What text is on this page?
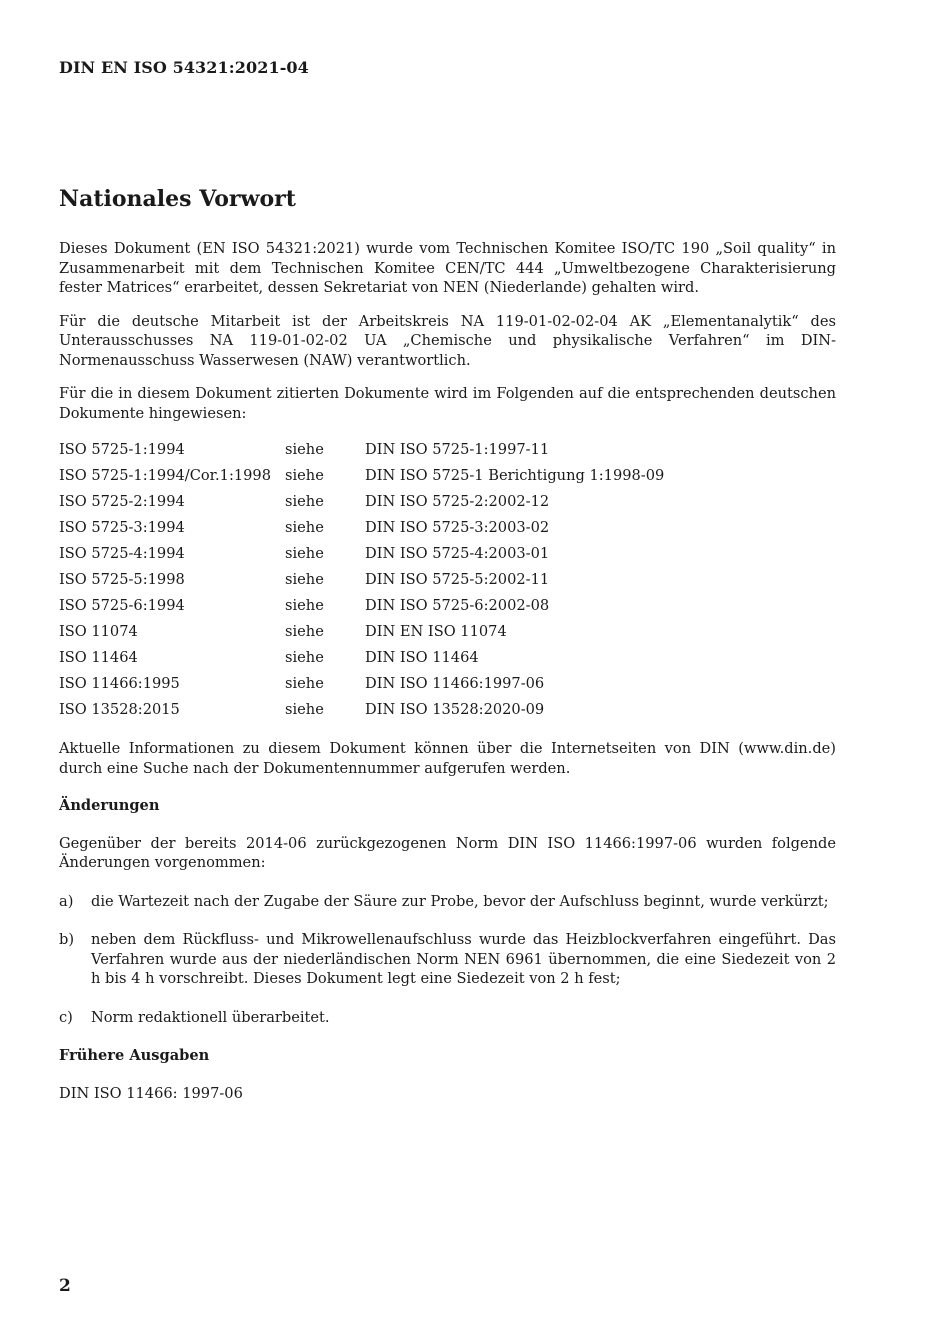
DIN EN ISO 54321:2021-04
Nationales Vorwort

Dieses Dokument (EN ISO 54321:2021) wurde vom Technischen Komitee ISO/TC 190 „Soil quality“ in Zusammenarbeit mit dem Technischen Komitee CEN/TC 444 „Umweltbezogene Charakterisierung fester Matrices“ erarbeitet, dessen Sekretariat von NEN (Niederlande) gehalten wird.

Für die deutsche Mitarbeit ist der Arbeitskreis NA 119-01-02-02-04 AK „Elementanalytik“ des Unterausschusses NA 119-01-02-02 UA „Chemische und physikalische Verfahren“ im DIN-Normenausschuss Wasserwesen (NAW) verantwortlich.

Für die in diesem Dokument zitierten Dokumente wird im Folgenden auf die entsprechenden deutschen Dokumente hingewiesen:

ISO 5725-1:1994	siehe	DIN ISO 5725-1:1997-11
ISO 5725-1:1994/Cor.1:1998	siehe	DIN ISO 5725-1 Berichtigung 1:1998-09
ISO 5725-2:1994	siehe	DIN ISO 5725-2:2002-12
ISO 5725-3:1994	siehe	DIN ISO 5725-3:2003-02
ISO 5725-4:1994	siehe	DIN ISO 5725-4:2003-01
ISO 5725-5:1998	siehe	DIN ISO 5725-5:2002-11
ISO 5725-6:1994	siehe	DIN ISO 5725-6:2002-08
ISO 11074	siehe	DIN EN ISO 11074
ISO 11464	siehe	DIN ISO 11464
ISO 11466:1995	siehe	DIN ISO 11466:1997-06
ISO 13528:2015	siehe	DIN ISO 13528:2020-09

Aktuelle Informationen zu diesem Dokument können über die Internetseiten von DIN (www.din.de) durch eine Suche nach der Dokumentennummer aufgerufen werden.

Änderungen

Gegenüber der bereits 2014-06 zurückgezogenen Norm DIN ISO 11466:1997-06 wurden folgende Änderungen vorgenommen:

a)	die Wartezeit nach der Zugabe der Säure zur Probe, bevor der Aufschluss beginnt, wurde verkürzt;
b)	neben dem Rückfluss- und Mikrowellenaufschluss wurde das Heizblockverfahren eingeführt. Das Verfahren wurde aus der niederländischen Norm NEN 6961 übernommen, die eine Siedezeit von 2 h bis 4 h vorschreibt. Dieses Dokument legt eine Siedezeit von 2 h fest;
c)	Norm redaktionell überarbeitet.
Frühere Ausgaben

DIN ISO 11466: 1997-06

2
